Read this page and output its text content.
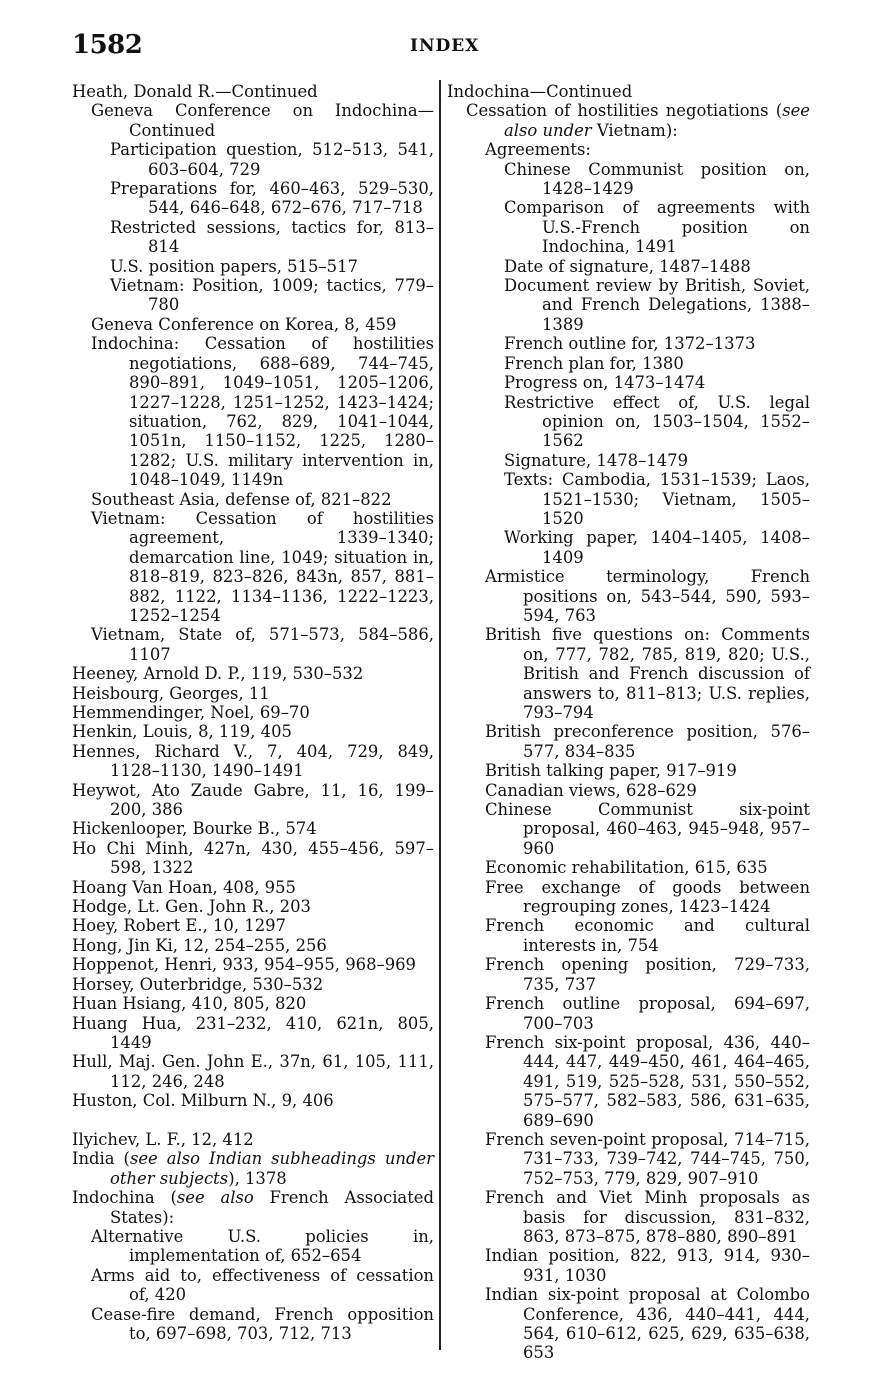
1582	INDEX
Heath, Donald R.—Continued
Geneva Conference on Indochina—Continued
Participation question, 512–513, 541, 603–604, 729
Preparations for, 460–463, 529–530, 544, 646–648, 672–676, 717–718
Restricted sessions, tactics for, 813–814
U.S. position papers, 515–517
Vietnam: Position, 1009; tactics, 779–780
Geneva Conference on Korea, 8, 459
Indochina: Cessation of hostilities negotiations, 688–689, 744–745, 890–891, 1049–1051, 1205–1206, 1227–1228, 1251–1252, 1423–1424; situation, 762, 829, 1041–1044, 1051n, 1150–1152, 1225, 1280–1282; U.S. military intervention in, 1048–1049, 1149n
Southeast Asia, defense of, 821–822
Vietnam: Cessation of hostilities agreement, 1339–1340; demarcation line, 1049; situation in, 818–819, 823–826, 843n, 857, 881–882, 1122, 1134–1136, 1222–1223, 1252–1254
Vietnam, State of, 571–573, 584–586, 1107
Heeney, Arnold D. P., 119, 530–532
Heisbourg, Georges, 11
Hemmendinger, Noel, 69–70
Henkin, Louis, 8, 119, 405
Hennes, Richard V., 7, 404, 729, 849, 1128–1130, 1490–1491
Heywot, Ato Zaude Gabre, 11, 16, 199–200, 386
Hickenlooper, Bourke B., 574
Ho Chi Minh, 427n, 430, 455–456, 597–598, 1322
Hoang Van Hoan, 408, 955
Hodge, Lt. Gen. John R., 203
Hoey, Robert E., 10, 1297
Hong, Jin Ki, 12, 254–255, 256
Hoppenot, Henri, 933, 954–955, 968–969
Horsey, Outerbridge, 530–532
Huan Hsiang, 410, 805, 820
Huang Hua, 231–232, 410, 621n, 805, 1449
Hull, Maj. Gen. John E., 37n, 61, 105, 111, 112, 246, 248
Huston, Col. Milburn N., 9, 406
Ilyichev, L. F., 12, 412
India (see also Indian subheadings under other subjects), 1378
Indochina (see also French Associated States):
Alternative U.S. policies in, implementation of, 652–654
Arms aid to, effectiveness of cessation of, 420
Cease-fire demand, French opposition to, 697–698, 703, 712, 713
Indochina—Continued
Cessation of hostilities negotiations (see also under Vietnam):
Agreements:
Chinese Communist position on, 1428–1429
Comparison of agreements with U.S.-French position on Indochina, 1491
Date of signature, 1487–1488
Document review by British, Soviet, and French Delegations, 1388–1389
French outline for, 1372–1373
French plan for, 1380
Progress on, 1473–1474
Restrictive effect of, U.S. legal opinion on, 1503–1504, 1552–1562
Signature, 1478–1479
Texts: Cambodia, 1531–1539; Laos, 1521–1530; Vietnam, 1505–1520
Working paper, 1404–1405, 1408–1409
Armistice terminology, French positions on, 543–544, 590, 593–594, 763
British five questions on: Comments on, 777, 782, 785, 819, 820; U.S., British and French discussion of answers to, 811–813; U.S. replies, 793–794
British preconference position, 576–577, 834–835
British talking paper, 917–919
Canadian views, 628–629
Chinese Communist six-point proposal, 460–463, 945–948, 957–960
Economic rehabilitation, 615, 635
Free exchange of goods between regrouping zones, 1423–1424
French economic and cultural interests in, 754
French opening position, 729–733, 735, 737
French outline proposal, 694–697, 700–703
French six-point proposal, 436, 440–444, 447, 449–450, 461, 464–465, 491, 519, 525–528, 531, 550–552, 575–577, 582–583, 586, 631–635, 689–690
French seven-point proposal, 714–715, 731–733, 739–742, 744–745, 750, 752–753, 779, 829, 907–910
French and Viet Minh proposals as basis for discussion, 831–832, 863, 873–875, 878–880, 890–891
Indian position, 822, 913, 914, 930–931, 1030
Indian six-point proposal at Colombo Conference, 436, 440–441, 444, 564, 610–612, 625, 629, 635–638, 653
